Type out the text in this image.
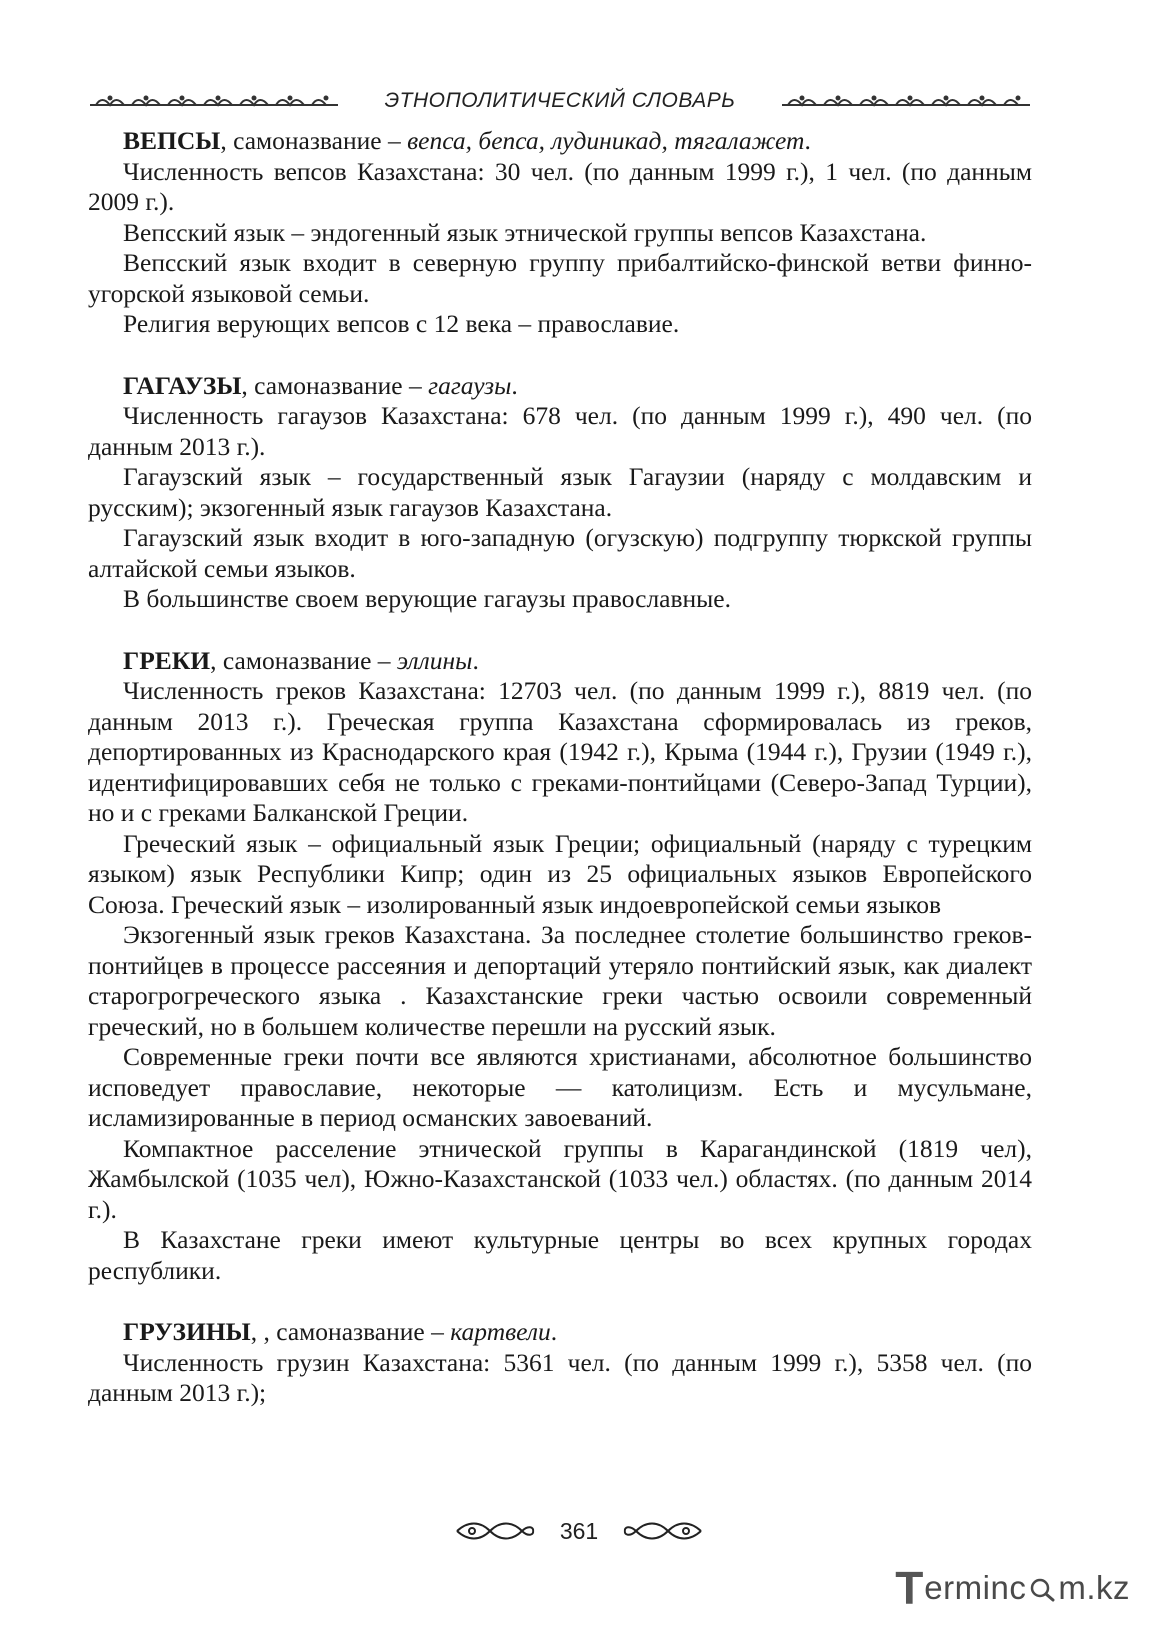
ЭТНОПОЛИТИЧЕСКИЙ СЛОВАРЬ

ВЕПСЫ, самоназвание – вепса, бепса, лудиникад, тягалажет.

Численность вепсов Казахстана: 30 чел. (по данным 1999 г.), 1 чел. (по данным 2009 г.).

Вепсский язык – эндогенный язык этнической группы вепсов Казахстана.

Вепсский язык входит в северную группу прибалтийско-финской ветви финно-угорской языковой семьи.

Религия верующих вепсов с 12 века – православие.

ГАГАУЗЫ, самоназвание – гагаузы.

Численность гагаузов Казахстана: 678 чел. (по данным 1999 г.), 490 чел. (по данным 2013 г.).

Гагаузский язык – государственный язык Гагаузии (наряду с молдавским и русским); экзогенный язык гагаузов Казахстана.

Гагаузский язык входит в юго-западную (огузскую) подгруппу тюркской группы алтайской семьи языков.

В большинстве своем верующие гагаузы православные.

ГРЕКИ, самоназвание – эллины.

Численность греков Казахстана: 12703 чел. (по данным 1999 г.), 8819 чел. (по данным 2013 г.). Греческая группа Казахстана сформировалась из греков, депортированных из Краснодарского края (1942 г.), Крыма (1944 г.), Грузии (1949 г.), идентифицировавших себя не только с греками-понтийцами (Северо-Запад Турции), но и с греками Балканской Греции.

Греческий язык – официальный язык Греции; официальный (наряду с турецким языком) язык Республики Кипр; один из 25 официальных языков Европейского Союза. Греческий язык – изолированный язык индоевропейской семьи языков

Экзогенный язык греков Казахстана. За последнее столетие большинство греков-понтийцев в процессе рассеяния и депортаций утеряло понтийский язык, как диалект старогрогреческого языка . Казахстанские греки частью освоили современный греческий, но в большем количестве перешли на русский язык.

Современные греки почти все являются христианами, абсолютное большинство исповедует православие, некоторые — католицизм. Есть и мусульмане, исламизированные в период османских завоеваний.

Компактное расселение этнической группы в Карагандинской (1819 чел), Жамбылской (1035 чел), Южно-Казахстанской (1033 чел.) областях. (по данным 2014 г.).

В Казахстане греки имеют культурные центры во всех крупных городах республики.

ГРУЗИНЫ, , самоназвание – картвели.

Численность грузин Казахстана: 5361 чел. (по данным 1999 г.), 5358 чел. (по данным 2013 г.);

361
T erminc m.kz
